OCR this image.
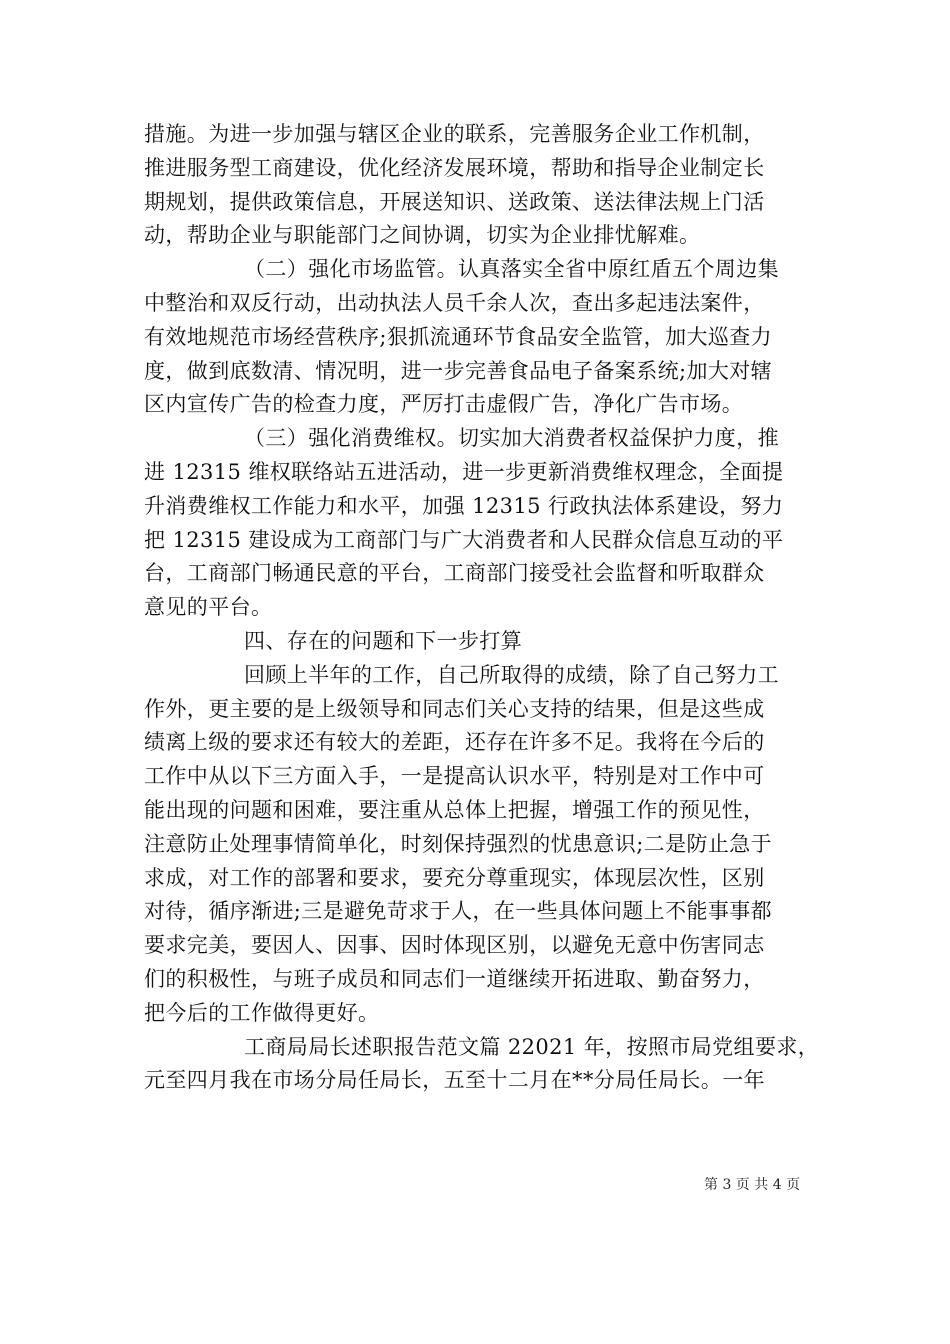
措施。为进一步加强与辖区企业的联系，完善服务企业工作机制，
推进服务型工商建设，优化经济发展环境，帮助和指导企业制定长
期规划，提供政策信息，开展送知识、送政策、送法律法规上门活
动，帮助企业与职能部门之间协调，切实为企业排忧解难。
（二）强化市场监管。认真落实全省中原红盾五个周边集
中整治和双反行动，出动执法人员千余人次，查出多起违法案件，
有效地规范市场经营秩序;狠抓流通环节食品安全监管，加大巡查力
度，做到底数清、情况明，进一步完善食品电子备案系统;加大对辖
区内宣传广告的检查力度，严厉打击虚假广告，净化广告市场。
（三）强化消费维权。切实加大消费者权益保护力度，推
进 12315 维权联络站五进活动，进一步更新消费维权理念，全面提
升消费维权工作能力和水平，加强 12315 行政执法体系建设，努力
把 12315 建设成为工商部门与广大消费者和人民群众信息互动的平
台，工商部门畅通民意的平台，工商部门接受社会监督和听取群众
意见的平台。
四、存在的问题和下一步打算
回顾上半年的工作，自己所取得的成绩，除了自己努力工
作外，更主要的是上级领导和同志们关心支持的结果，但是这些成
绩离上级的要求还有较大的差距，还存在许多不足。我将在今后的
工作中从以下三方面入手，一是提高认识水平，特别是对工作中可
能出现的问题和困难，要注重从总体上把握，增强工作的预见性，
注意防止处理事情简单化，时刻保持强烈的忧患意识;二是防止急于
求成，对工作的部署和要求，要充分尊重现实，体现层次性，区别
对待，循序渐进;三是避免苛求于人，在一些具体问题上不能事事都
要求完美，要因人、因事、因时体现区别，以避免无意中伤害同志
们的积极性，与班子成员和同志们一道继续开拓进取、勤奋努力，
把今后的工作做得更好。
工商局局长述职报告范文篇 22021 年，按照市局党组要求，
元至四月我在市场分局任局长，五至十二月在**分局任局长。一年
第 3 页 共 4 页
